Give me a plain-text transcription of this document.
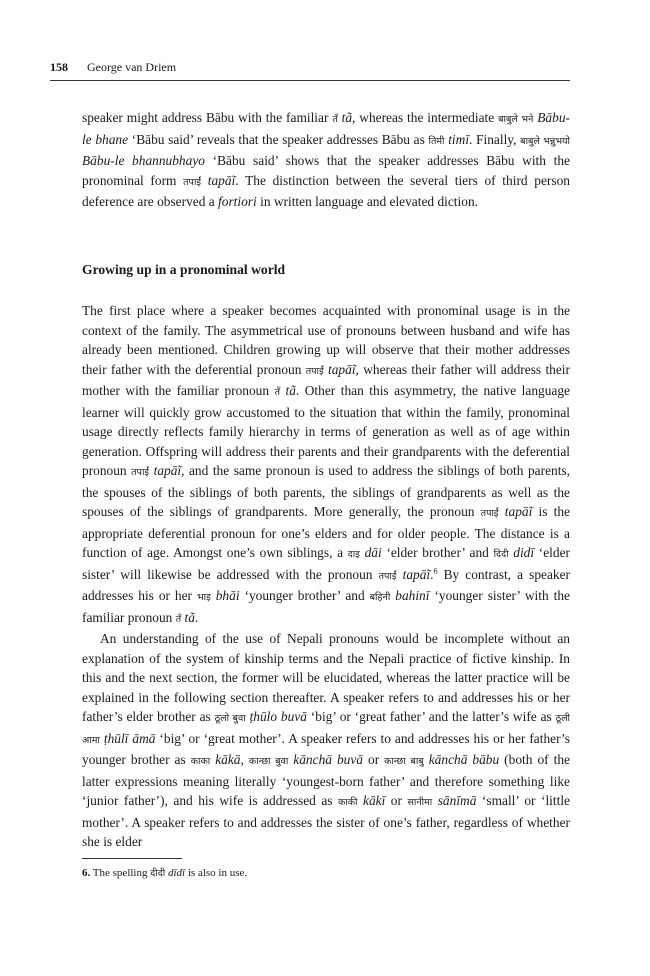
158 George van Driem

speaker might address Bābu with the familiar तँ tã, whereas the intermediate बाबुले भने Bābu-le bhane ‘Bābu said’ reveals that the speaker addresses Bābu as तिमी timī. Finally, बाबुले भन्नुभयो Bābu-le bhannubhayo ‘Bābu said’ shows that the speaker addresses Bābu with the pronominal form तपाईं tapāĩ. The distinction between the several tiers of third person deference are observed a fortiori in written language and elevated diction.

Growing up in a pronominal world

The first place where a speaker becomes acquainted with pronominal usage is in the context of the family. The asymmetrical use of pronouns between husband and wife has already been mentioned. Children growing up will observe that their mother addresses their father with the deferential pronoun तपाईं tapāĩ, whereas their father will address their mother with the familiar pronoun तँ tã. Other than this asymmetry, the native language learner will quickly grow accustomed to the situation that within the family, pronominal usage directly reflects family hierarchy in terms of generation as well as of age within generation. Offspring will address their parents and their grandparents with the deferential pronoun तपाईं tapāĩ, and the same pronoun is used to address the siblings of both parents, the spouses of the siblings of both parents, the siblings of grandparents as well as the spouses of the siblings of grandparents. More generally, the pronoun तपाईं tapāĩ is the appropriate deferential pronoun for one’s elders and for older people. The distance is a function of age. Amongst one’s own siblings, a दाइ dāi ‘elder brother’ and दिदी didī ‘elder sister’ will likewise be addressed with the pronoun तपाईं tapāĩ.$^6$ By contrast, a speaker addresses his or her भाइ bhāi ‘younger brother’ and बहिनी bahinī ‘younger sister’ with the familiar pronoun तँ tã.

An understanding of the use of Nepali pronouns would be incomplete without an explanation of the system of kinship terms and the Nepali practice of fictive kinship. In this and the next section, the former will be elucidated, whereas the latter practice will be explained in the following section thereafter. A speaker refers to and addresses his or her father’s elder brother as ठूलो बुवा ṭhūlo buvā ‘big’ or ‘great father’ and the latter’s wife as ठूली आमा ṭhūlī āmā ‘big’ or ‘great mother’. A speaker refers to and addresses his or her father’s younger brother as काका kākā, कान्छा बुवा kānchā buvā or कान्छा बाबु kānchā bābu (both of the latter expressions meaning literally ‘youngest-born father’ and therefore something like ‘junior father’), and his wife is addressed as काकी kākī or सानीमा sānīmā ‘small’ or ‘little mother’. A speaker refers to and addresses the sister of one’s father, regardless of whether she is elder

6. The spelling दीदी dīdī is also in use.
